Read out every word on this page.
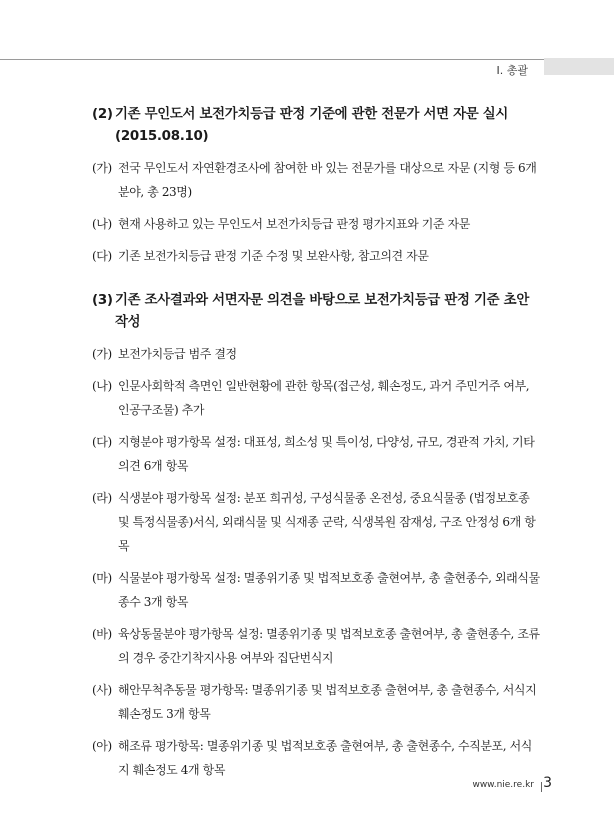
Ⅰ. 총괄

(2) 기존 무인도서 보전가치등급 판정 기준에 관한 전문가 서면 자문 실시 (2015.08.10)

(가) 전국 무인도서 자연환경조사에 참여한 바 있는 전문가를 대상으로 자문 (지형 등 6개 분야, 총 23명)
(나) 현재 사용하고 있는 무인도서 보전가치등급 판정 평가지표와 기준 자문
(다) 기존 보전가치등급 판정 기준 수정 및 보완사항, 참고의견 자문

(3) 기존 조사결과와 서면자문 의견을 바탕으로 보전가치등급 판정 기준 초안 작성

(가) 보전가치등급 범주 결정
(나) 인문사회학적 측면인 일반현황에 관한 항목(접근성, 훼손정도, 과거 주민거주 여부, 인공구조물) 추가
(다) 지형분야 평가항목 설정: 대표성, 희소성 및 특이성, 다양성, 규모, 경관적 가치, 기타의견 6개 항목
(라) 식생분야 평가항목 설정: 분포 희귀성, 구성식물종 온전성, 중요식물종 (법정보호종 및 특정식물종)서식, 외래식물 및 식재종 군락, 식생복원 잠재성, 구조 안정성 6개 항목
(마) 식물분야 평가항목 설정: 멸종위기종 및 법적보호종 출현여부, 총 출현종수, 외래식물 종수 3개 항목
(바) 육상동물분야 평가항목 설정: 멸종위기종 및 법적보호종 출현여부, 총 출현종수, 조류의 경우 중간기착지사용 여부와 집단번식지
(사) 해안무척추동물 평가항목: 멸종위기종 및 법적보호종 출현여부, 총 출현종수, 서식지 훼손정도 3개 항목
(아) 해조류 평가항목: 멸종위기종 및 법적보호종 출현여부, 총 출현종수, 수직분포, 서식지 훼손정도 4개 항목
www.nie.re.kr 3
